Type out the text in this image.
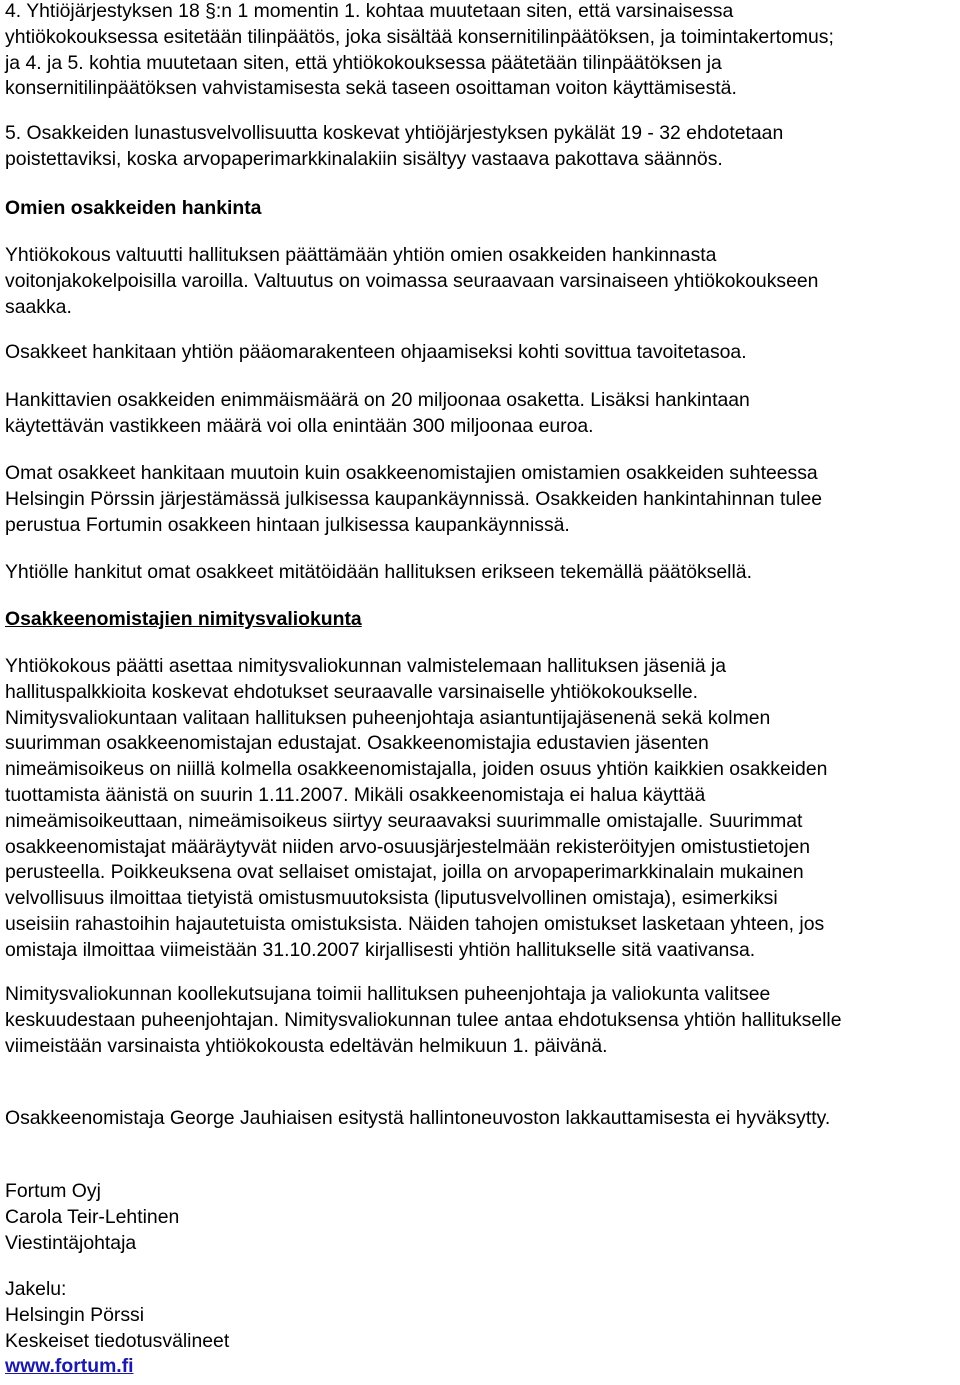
4. Yhtiöjärjestyksen 18 §:n 1 momentin 1. kohtaa muutetaan siten, että varsinaisessa

yhtiökokouksessa esitetään tilinpäätös, joka sisältää konsernitilinpäätöksen, ja toimintakertomus;

ja 4. ja 5. kohtia muutetaan siten, että yhtiökokouksessa päätetään tilinpäätöksen ja

konsernitilinpäätöksen vahvistamisesta sekä taseen osoittaman voiton käyttämisestä.

5. Osakkeiden lunastusvelvollisuutta koskevat yhtiöjärjestyksen pykälät 19 - 32 ehdotetaan

poistettaviksi, koska arvopaperimarkkinalakiin sisältyy vastaava pakottava säännös.

Omien osakkeiden hankinta

Yhtiökokous valtuutti hallituksen päättämään yhtiön omien osakkeiden hankinnasta

voitonjakokelpoisilla varoilla. Valtuutus on voimassa seuraavaan varsinaiseen yhtiökokoukseen

saakka.

Osakkeet hankitaan yhtiön pääomarakenteen ohjaamiseksi kohti sovittua tavoitetasoa.

Hankittavien osakkeiden enimmäismäärä on 20 miljoonaa osaketta. Lisäksi hankintaan

käytettävän vastikkeen määrä voi olla enintään 300 miljoonaa euroa.

Omat osakkeet hankitaan muutoin kuin osakkeenomistajien omistamien osakkeiden suhteessa

Helsingin Pörssin järjestämässä julkisessa kaupankäynnissä. Osakkeiden hankintahinnan tulee

perustua Fortumin osakkeen hintaan julkisessa kaupankäynnissä.

Yhtiölle hankitut omat osakkeet mitätöidään hallituksen erikseen tekemällä päätöksellä.

Osakkeenomistajien nimitysvaliokunta

Yhtiökokous päätti asettaa nimitysvaliokunnan valmistelemaan hallituksen jäseniä ja

hallituspalkkioita koskevat ehdotukset seuraavalle varsinaiselle yhtiökokoukselle.

Nimitysvaliokuntaan valitaan hallituksen puheenjohtaja asiantuntijajäsenenä sekä kolmen

suurimman osakkeenomistajan edustajat. Osakkeenomistajia edustavien jäsenten

nimeämisoikeus on niillä kolmella osakkeenomistajalla, joiden osuus yhtiön kaikkien osakkeiden

tuottamista äänistä on suurin 1.11.2007. Mikäli osakkeenomistaja ei halua käyttää

nimeämisoikeuttaan, nimeämisoikeus siirtyy seuraavaksi suurimmalle omistajalle. Suurimmat

osakkeenomistajat määräytyvät niiden arvo-osuusjärjestelmään rekisteröityjen omistustietojen

perusteella. Poikkeuksena ovat sellaiset omistajat, joilla on arvopaperimarkkinalain mukainen

velvollisuus ilmoittaa tietyistä omistusmuutoksista (liputusvelvollinen omistaja), esimerkiksi

useisiin rahastoihin hajautetuista omistuksista. Näiden tahojen omistukset lasketaan yhteen, jos

omistaja ilmoittaa viimeistään 31.10.2007 kirjallisesti yhtiön hallitukselle sitä vaativansa.

Nimitysvaliokunnan koollekutsujana toimii hallituksen puheenjohtaja ja valiokunta valitsee

keskuudestaan puheenjohtajan. Nimitysvaliokunnan tulee antaa ehdotuksensa yhtiön hallitukselle

viimeistään varsinaista yhtiökokousta edeltävän helmikuun 1. päivänä.

Osakkeenomistaja George Jauhiaisen esitystä hallintoneuvoston lakkauttamisesta ei hyväksytty.

Fortum Oyj

Carola Teir-Lehtinen

Viestintäjohtaja

Jakelu:

Helsingin Pörssi

Keskeiset tiedotusvälineet

www.fortum.fi
